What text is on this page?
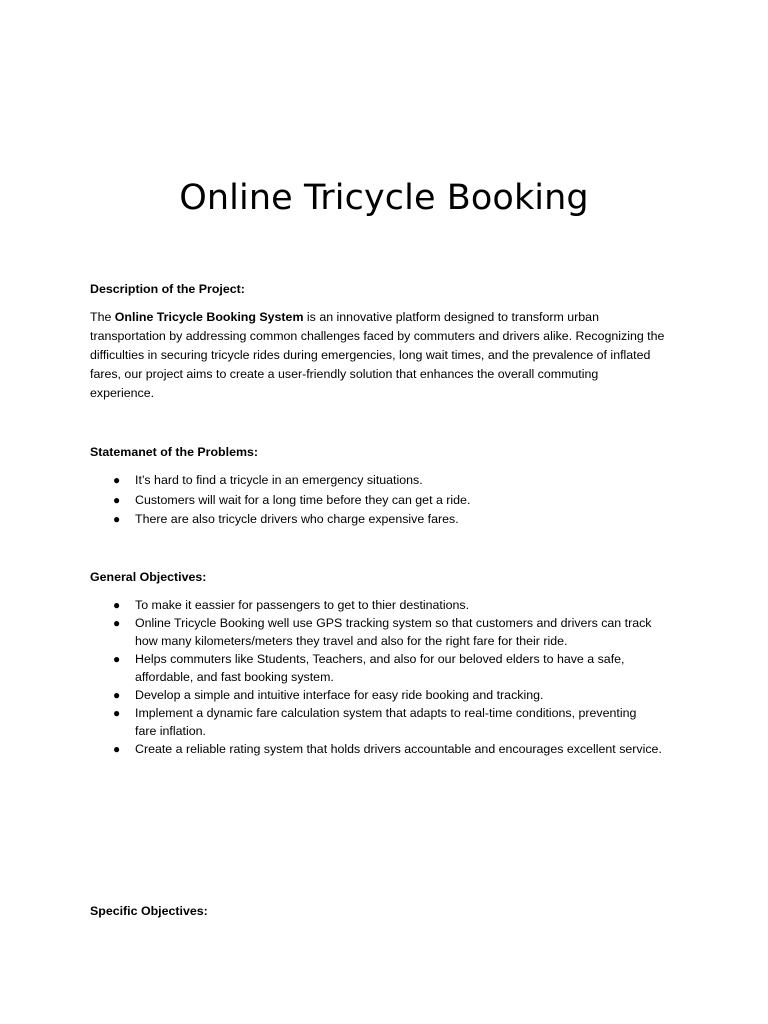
Online Tricycle Booking
Description of the Project:

The Online Tricycle Booking System is an innovative platform designed to transform urban
transportation by addressing common challenges faced by commuters and drivers alike. Recognizing the
difficulties in securing tricycle rides during emergencies, long wait times, and the prevalence of inflated
fares, our project aims to create a user-friendly solution that enhances the overall commuting
experience.

Statemanet of the Problems:
● It’s hard to find a tricycle in an emergency situations.
● Customers will wait for a long time before they can get a ride.
● There are also tricycle drivers who charge expensive fares.
General Objectives:
● To make it eassier for passengers to get to thier destinations.
● Online Tricycle Booking well use GPS tracking system so that customers and drivers can track
how many kilometers/meters they travel and also for the right fare for their ride.
● Helps commuters like Students, Teachers, and also for our beloved elders to have a safe,
affordable, and fast booking system.
● Develop a simple and intuitive interface for easy ride booking and tracking.
● Implement a dynamic fare calculation system that adapts to real-time conditions, preventing
fare inflation.
● Create a reliable rating system that holds drivers accountable and encourages excellent service.
Specific Objectives:
